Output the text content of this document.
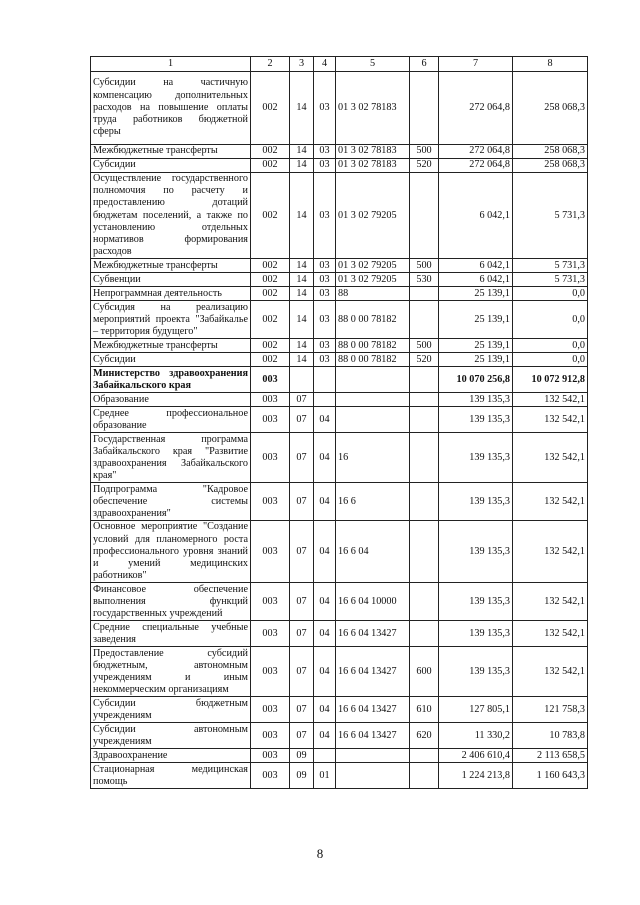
1	2	3	4	5	6	7	8
Субсидии на частичную компенсацию дополнительных расходов на повышение оплаты труда работников бюджетной сферы	002	14	03	01 3 02 78183		272 064,8	258 068,3
Межбюджетные трансферты	002	14	03	01 3 02 78183	500	272 064,8	258 068,3
Субсидии	002	14	03	01 3 02 78183	520	272 064,8	258 068,3
Осуществление государственного полномочия по расчету и предоставлению дотаций бюджетам поселений, а также по установлению отдельных нормативов формирования расходов	002	14	03	01 3 02 79205		6 042,1	5 731,3
Межбюджетные трансферты	002	14	03	01 3 02 79205	500	6 042,1	5 731,3
Субвенции	002	14	03	01 3 02 79205	530	6 042,1	5 731,3
Непрограммная деятельность	002	14	03	88		25 139,1	0,0
Субсидия на реализацию мероприятий проекта "Забайкалье – территория будущего"	002	14	03	88 0 00 78182		25 139,1	0,0
Межбюджетные трансферты	002	14	03	88 0 00 78182	500	25 139,1	0,0
Субсидии	002	14	03	88 0 00 78182	520	25 139,1	0,0
Министерство здравоохранения Забайкальского края	003					10 070 256,8	10 072 912,8
Образование	003	07				139 135,3	132 542,1
Среднее профессиональное образование	003	07	04			139 135,3	132 542,1
Государственная программа Забайкальского края "Развитие здравоохранения Забайкальского края"	003	07	04	16		139 135,3	132 542,1
Подпрограмма "Кадровое обеспечение системы здравоохранения"	003	07	04	16 6		139 135,3	132 542,1
Основное мероприятие "Создание условий для планомерного роста профессионального уровня знаний и умений медицинских работников"	003	07	04	16 6 04		139 135,3	132 542,1
Финансовое обеспечение выполнения функций государственных учреждений	003	07	04	16 6 04 10000		139 135,3	132 542,1
Средние специальные учебные заведения	003	07	04	16 6 04 13427		139 135,3	132 542,1
Предоставление субсидий бюджетным, автономным учреждениям и иным некоммерческим организациям	003	07	04	16 6 04 13427	600	139 135,3	132 542,1
Субсидии бюджетным учреждениям	003	07	04	16 6 04 13427	610	127 805,1	121 758,3
Субсидии автономным учреждениям	003	07	04	16 6 04 13427	620	11 330,2	10 783,8
Здравоохранение	003	09				2 406 610,4	2 113 658,5
Стационарная медицинская помощь	003	09	01			1 224 213,8	1 160 643,3
8
